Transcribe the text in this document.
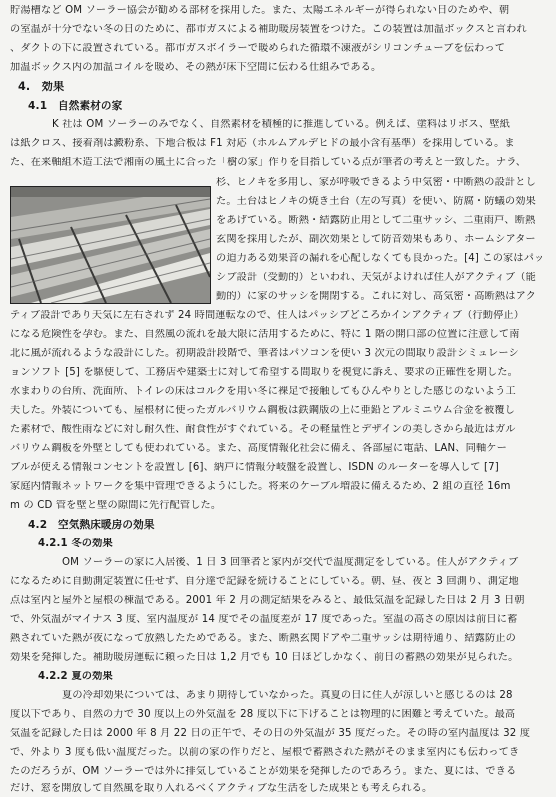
貯湯槽など OM ソーラー協会が勧める部材を採用した。また、太陽エネルギーが得られない日のためや、朝
の室温が十分でない冬の日のために、都市ガスによる補助暖房装置をつけた。この装置は加温ボックスと言われ
、ダクトの下に設置されている。都市ガスボイラーで暖められた循環不凍液がシリコンチューブを伝わって
加温ボックス内の加温コイルを暖め、その熱が床下空間に伝わる仕組みである。
4.　効果
4.1　自然素材の家
K 社は OM ソーラーのみでなく、自然素材を積極的に推進している。例えば、塗料はリボス、壁紙
は紙クロス、接着剤は澱粉系、下地合板は F1 対応（ホルムアルデヒドの最小含有基準）を採用している。ま
た、在来軸組木造工法で湘南の風土に合った「樹の家」作りを目指している点が筆者の考えと一致した。ナラ、
杉、ヒノキを多用し、家が呼吸できるよう中気密・中断熱の設計とし
た。土台はヒノキの焼き土台（左の写真）を使い、防腐・防蟻の効果
をあげている。断熱・結露防止用として二重サッシ、二重雨戸、断熱
玄関を採用したが、副次効果として防音効果もあり、ホームシアター
の迫力ある効果音の漏れを心配しなくても良かった。[4] この家はパッ
シブ設計（受動的）といわれ、天気がよければ住人がアクティブ（能
動的）に家のサッシを開閉する。これに対し、高気密・高断熱はアク
ティブ設計であり天気に左右されず 24 時間運転なので、住人はパッシブどころかインアクティブ（行動停止）
になる危険性を孕む。また、自然風の流れを最大限に活用するために、特に 1 階の開口部の位置に注意して南
北に風が流れるような設計にした。初期設計段階で、筆者はパソコンを使い 3 次元の間取り設計シミュレーシ
ョンソフト [5] を駆使して、工務店や建築士に対して希望する間取りを視覚に訴え、要求の正確性を期した。
水まわりの台所、洗面所、トイレの床はコルクを用い冬に裸足で接触してもひんやりとした感じのないよう工
夫した。外装についても、屋根材に使ったガルバリウム鋼板は鉄鋼版の上に亜鉛とアルミニウム合金を被覆し
た素材で、酸性雨などに対し耐久性、耐食性がすぐれている。その軽量性とデザインの美しさから最近はガル
バリウム鋼板を外壁としても使われている。また、高度情報化社会に備え、各部屋に電話、LAN、同軸ケー
ブルが使える情報コンセントを設置し [6]、納戸に情報分岐盤を設置し、ISDN のルーターを導入して [7]
家庭内情報ネットワークを集中管理できるようにした。将来のケーブル増設に備えるため、2 組の直径 16m
m の CD 管を壁と壁の隙間に先行配管した。
4.2　空気熱床暖房の効果
4.2.1 冬の効果
OM ソーラーの家に入居後、1 日 3 回筆者と家内が交代で温度測定をしている。住人がアクティブ
になるために自動測定装置に任せず、自分達で記録を続けることにしている。朝、昼、夜と 3 回測り、測定地
点は室内と屋外と屋根の棟温である。2001 年 2 月の測定結果をみると、最低気温を記録した日は 2 月 3 日朝
で、外気温がマイナス 3 度、室内温度が 14 度でその温度差が 17 度であった。室温の高さの原因は前日に蓄
熱されていた熱が夜になって放熱したためである。また、断熱玄関ドアや二重サッシは期待通り、結露防止の
効果を発揮した。補助暖房運転に頼った日は 1,2 月でも 10 日ほどしかなく、前日の蓄熱の効果が見られた。
4.2.2 夏の効果
夏の冷却効果については、あまり期待していなかった。真夏の日に住人が涼しいと感じるのは 28
度以下であり、自然の力で 30 度以上の外気温を 28 度以下に下げることは物理的に困難と考えていた。最高
気温を記録した日は 2000 年 8 月 22 日の正午で、その日の外気温が 35 度だった。その時の室内温度は 32 度
で、外より 3 度も低い温度だった。以前の家の作りだと、屋根で蓄熱された熱がそのまま室内にも伝わってき
たのだろうが、OM ソーラーでは外に排気していることが効果を発揮したのであろう。また、夏には、できる
だけ、窓を開放して自然風を取り入れるべくアクティブな生活をした成果とも考えられる。
